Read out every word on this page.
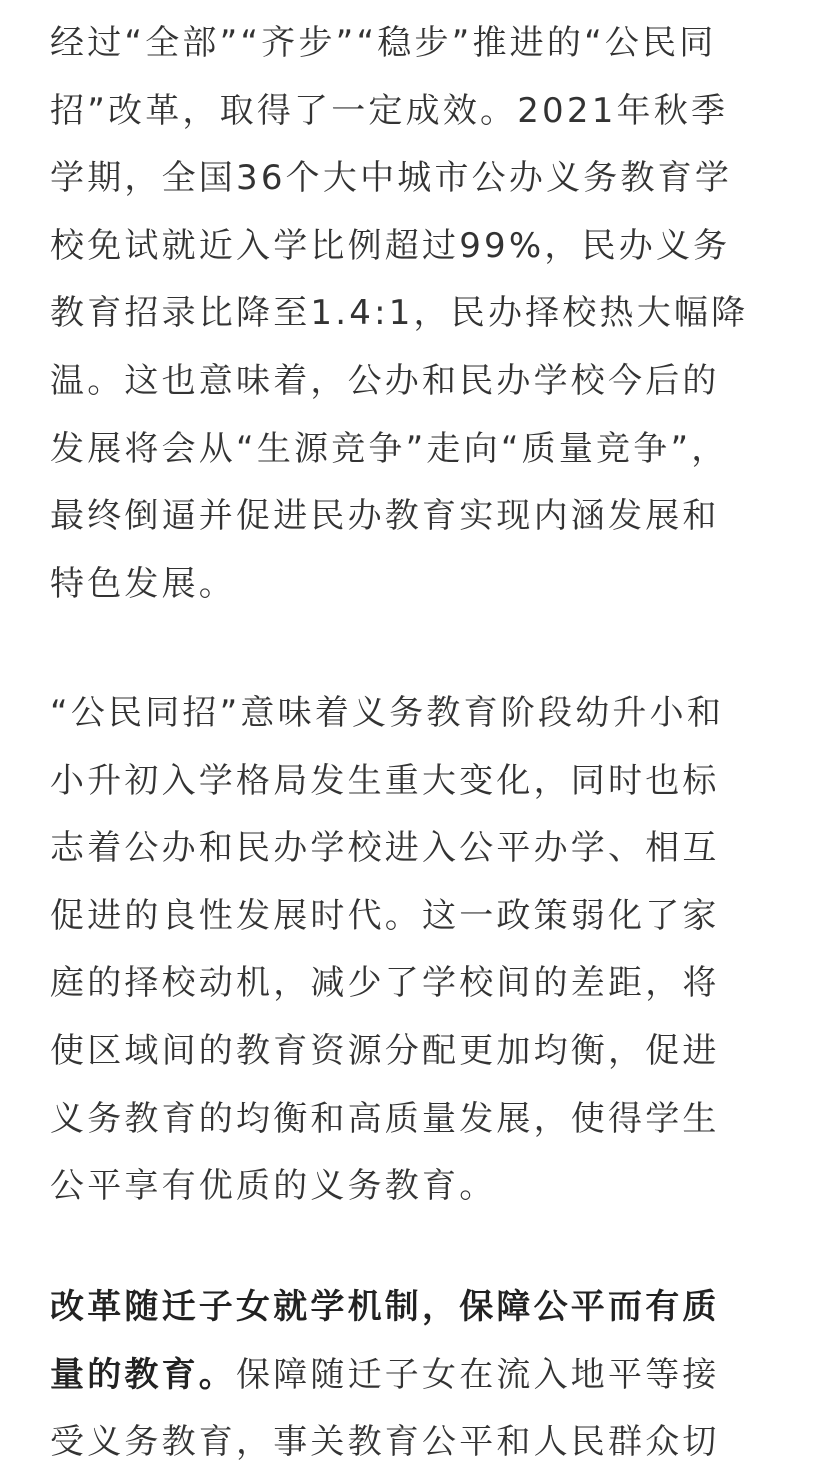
经过“全部”“齐步”“稳步”推进的“公民同
招”改革，取得了一定成效。2021年秋季
学期，全国36个大中城市公办义务教育学
校免试就近入学比例超过99%，民办义务
教育招录比降至1.4:1，民办择校热大幅降
温。这也意味着，公办和民办学校今后的
发展将会从“生源竞争”走向“质量竞争”，
最终倒逼并促进民办教育实现内涵发展和
特色发展。

“公民同招”意味着义务教育阶段幼升小和
小升初入学格局发生重大变化，同时也标
志着公办和民办学校进入公平办学、相互
促进的良性发展时代。这一政策弱化了家
庭的择校动机，减少了学校间的差距，将
使区域间的教育资源分配更加均衡，促进
义务教育的均衡和高质量发展，使得学生
公平享有优质的义务教育。

改革随迁子女就学机制，保障公平而有质
量的教育。保障随迁子女在流入地平等接
受义务教育，事关教育公平和人民群众切
